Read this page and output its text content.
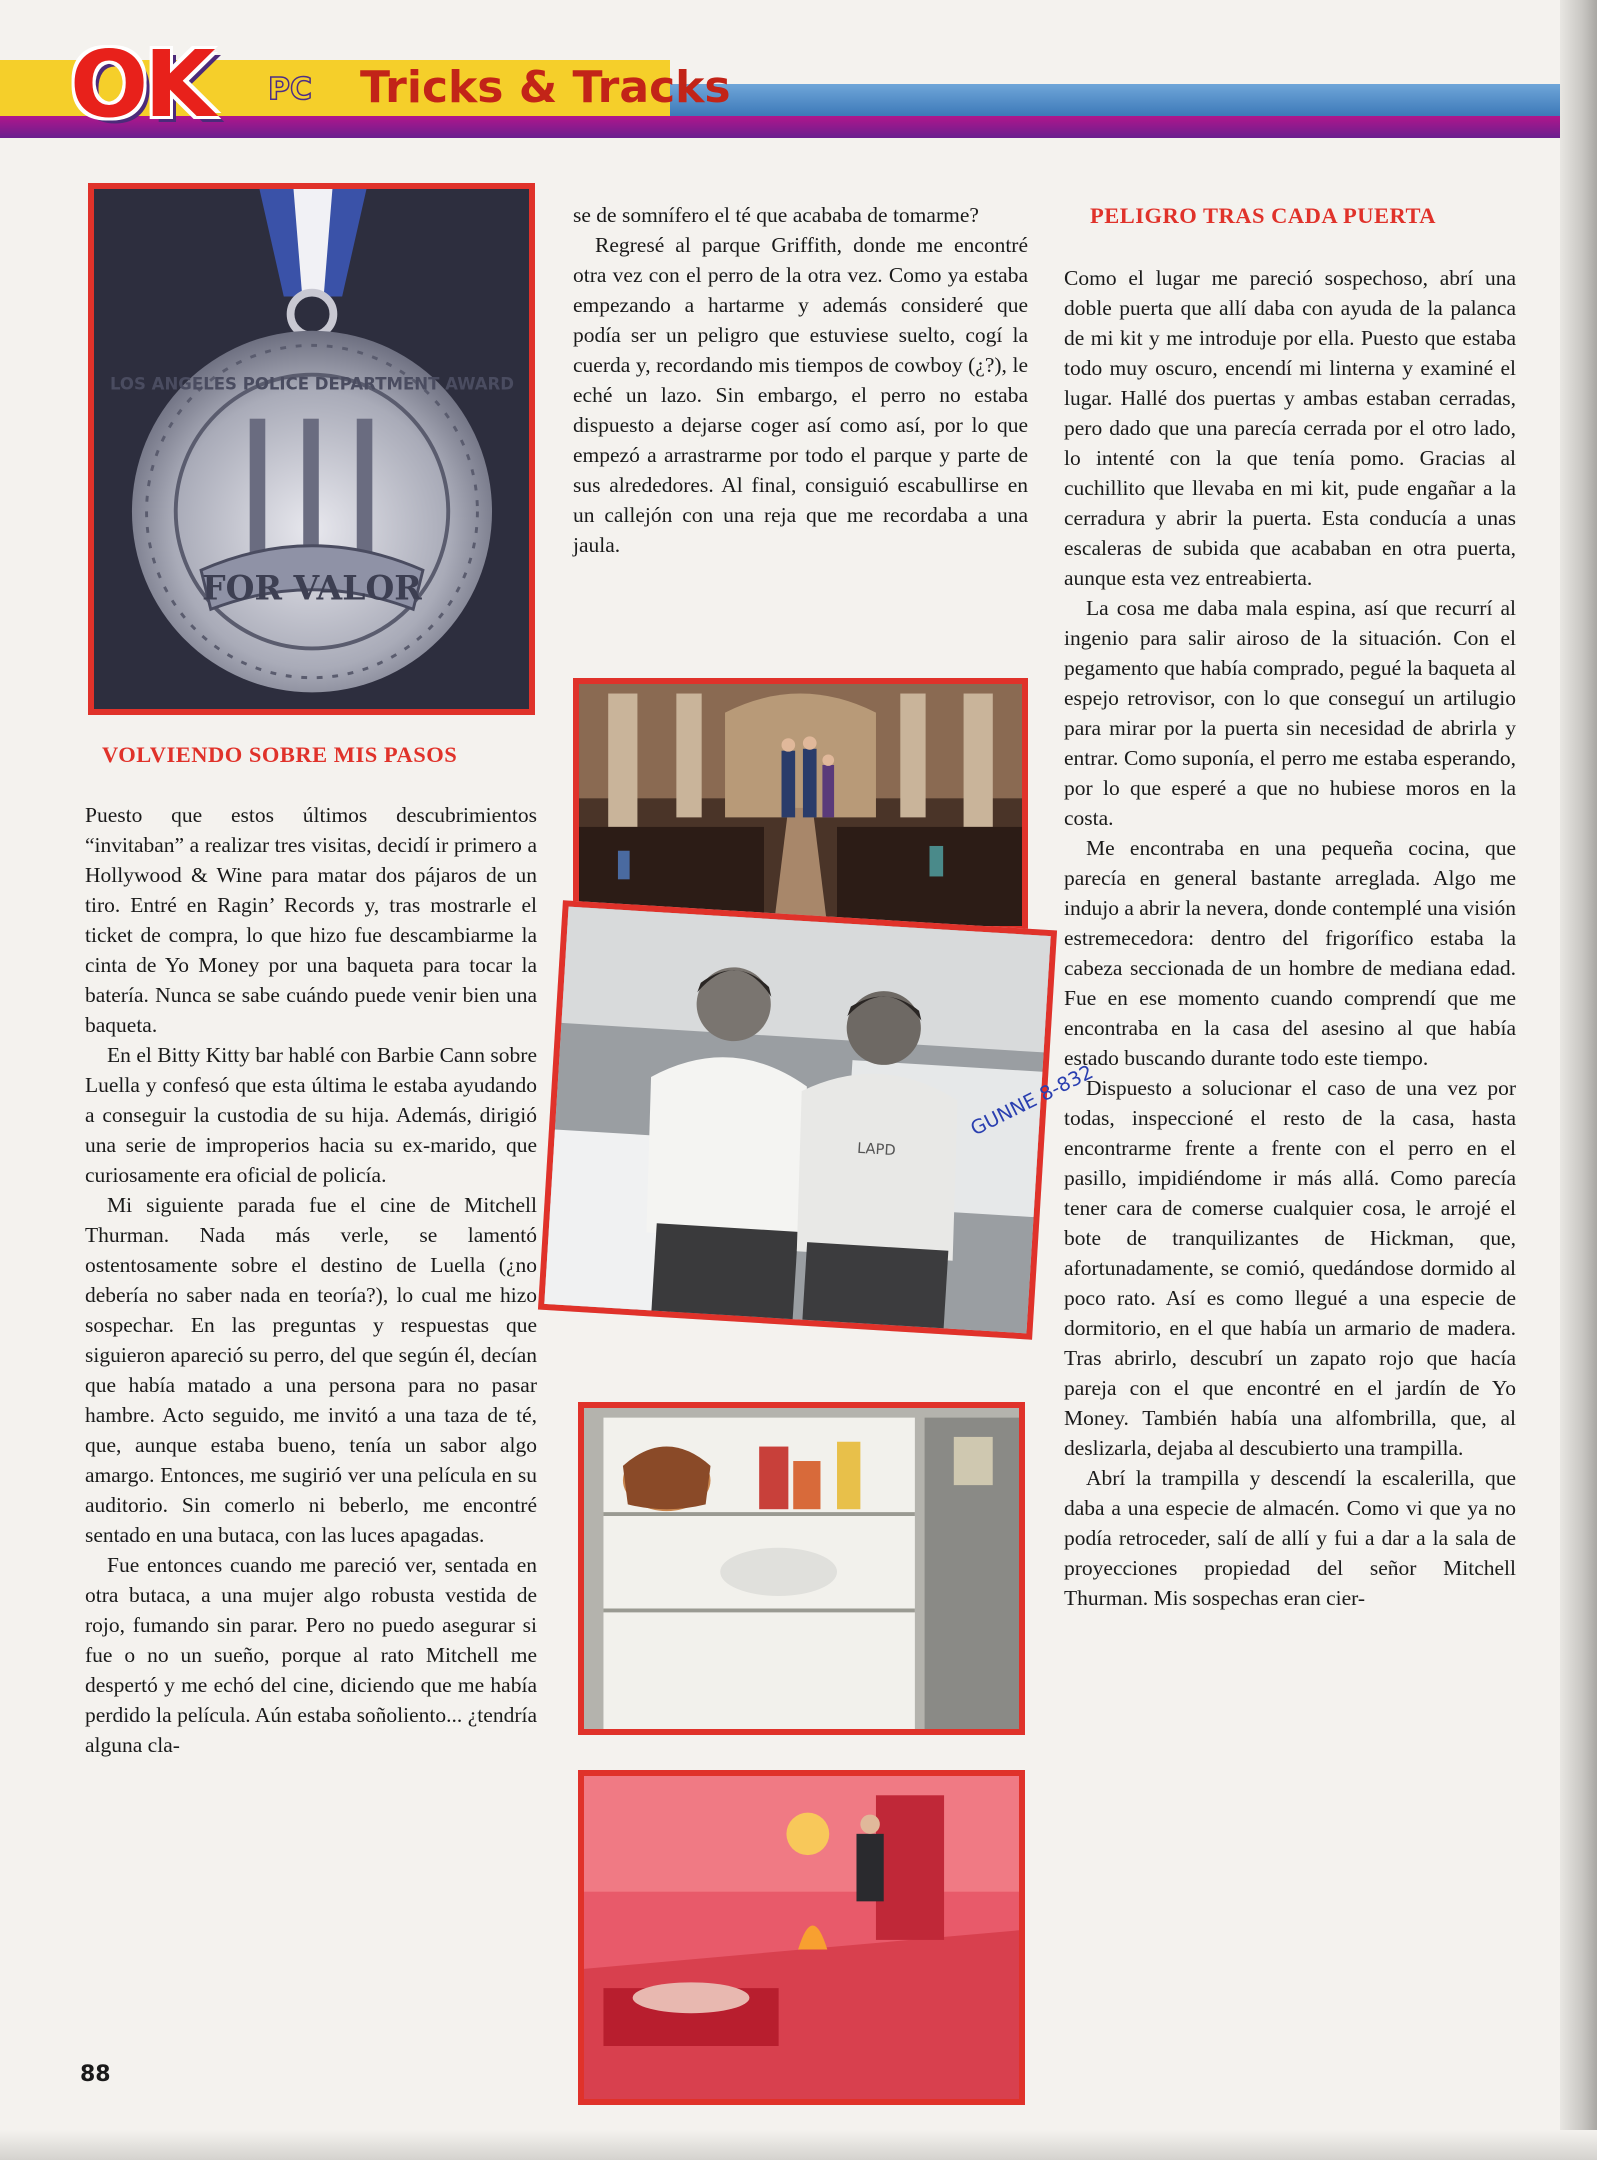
OK PC Tricks & Tracks
LOS ANGELES POLICE DEPARTMENT AWARD
FOR VALOR
VOLVIENDO SOBRE MIS PASOS

Puesto que estos últimos descubrimientos “invitaban” a realizar tres visitas, decidí ir primero a Hollywood & Wine para matar dos pájaros de un tiro. Entré en Ragin’ Records y, tras mostrarle el ticket de compra, lo que hizo fue descambiarme la cinta de Yo Money por una baqueta para tocar la batería. Nunca se sabe cuándo puede venir bien una baqueta.

En el Bitty Kitty bar hablé con Barbie Cann sobre Luella y confesó que esta última le estaba ayudando a conseguir la custodia de su hija. Además, dirigió una serie de improperios hacia su ex-marido, que curiosamente era oficial de policía.

Mi siguiente parada fue el cine de Mitchell Thurman. Nada más verle, se lamentó ostentosamente sobre el destino de Luella (¿no debería no saber nada en teoría?), lo cual me hizo sospechar. En las preguntas y respuestas que siguieron apareció su perro, del que según él, decían que había matado a una persona para no pasar hambre. Acto seguido, me invitó a una taza de té, que, aunque estaba bueno, tenía un sabor algo amargo. Entonces, me sugirió ver una película en su auditorio. Sin comerlo ni beberlo, me encontré sentado en una butaca, con las luces apagadas.

Fue entonces cuando me pareció ver, sentada en otra butaca, a una mujer algo robusta vestida de rojo, fumando sin parar. Pero no puedo asegurar si fue o no un sueño, porque al rato Mitchell me despertó y me echó del cine, diciendo que me había perdido la película. Aún estaba soñoliento... ¿tendría alguna cla-

se de somnífero el té que acababa de tomarme?

Regresé al parque Griffith, donde me encontré otra vez con el perro de la otra vez. Como ya estaba empezando a hartarme y además consideré que podía ser un peligro que estuviese suelto, cogí la cuerda y, recordando mis tiempos de cowboy (¿?), le eché un lazo. Sin embargo, el perro no estaba dispuesto a dejarse coger así como así, por lo que empezó a arrastrarme por todo el parque y parte de sus alrededores. Al final, consiguió escabullirse en un callejón con una reja que me recordaba a una jaula.

LAPD
GUNNE 8-832
PELIGRO TRAS CADA PUERTA

Como el lugar me pareció sospechoso, abrí una doble puerta que allí daba con ayuda de la palanca de mi kit y me introduje por ella. Puesto que estaba todo muy oscuro, encendí mi linterna y examiné el lugar. Hallé dos puertas y ambas estaban cerradas, pero dado que una parecía cerrada por el otro lado, lo intenté con la que tenía pomo. Gracias al cuchillito que llevaba en mi kit, pude engañar a la cerradura y abrir la puerta. Esta conducía a unas escaleras de subida que acababan en otra puerta, aunque esta vez entreabierta.

La cosa me daba mala espina, así que recurrí al ingenio para salir airoso de la situación. Con el pegamento que había comprado, pegué la baqueta al espejo retrovisor, con lo que conseguí un artilugio para mirar por la puerta sin necesidad de abrirla y entrar. Como suponía, el perro me estaba esperando, por lo que esperé a que no hubiese moros en la costa.

Me encontraba en una pequeña cocina, que parecía en general bastante arreglada. Algo me indujo a abrir la nevera, donde contemplé una visión estremecedora: dentro del frigorífico estaba la cabeza seccionada de un hombre de mediana edad. Fue en ese momento cuando comprendí que me encontraba en la casa del asesino al que había estado buscando durante todo este tiempo.

Dispuesto a solucionar el caso de una vez por todas, inspeccioné el resto de la casa, hasta encontrarme frente a frente con el perro en el pasillo, impidiéndome ir más allá. Como parecía tener cara de comerse cualquier cosa, le arrojé el bote de tranquilizantes de Hickman, que, afortunadamente, se comió, quedándose dormido al poco rato. Así es como llegué a una especie de dormitorio, en el que había un armario de madera. Tras abrirlo, descubrí un zapato rojo que hacía pareja con el que encontré en el jardín de Yo Money. También había una alfombrilla, que, al deslizarla, dejaba al descubierto una trampilla.

Abrí la trampilla y descendí la escalerilla, que daba a una especie de almacén. Como vi que ya no podía retroceder, salí de allí y fui a dar a la sala de proyecciones propiedad del señor Mitchell Thurman. Mis sospechas eran cier-

88
